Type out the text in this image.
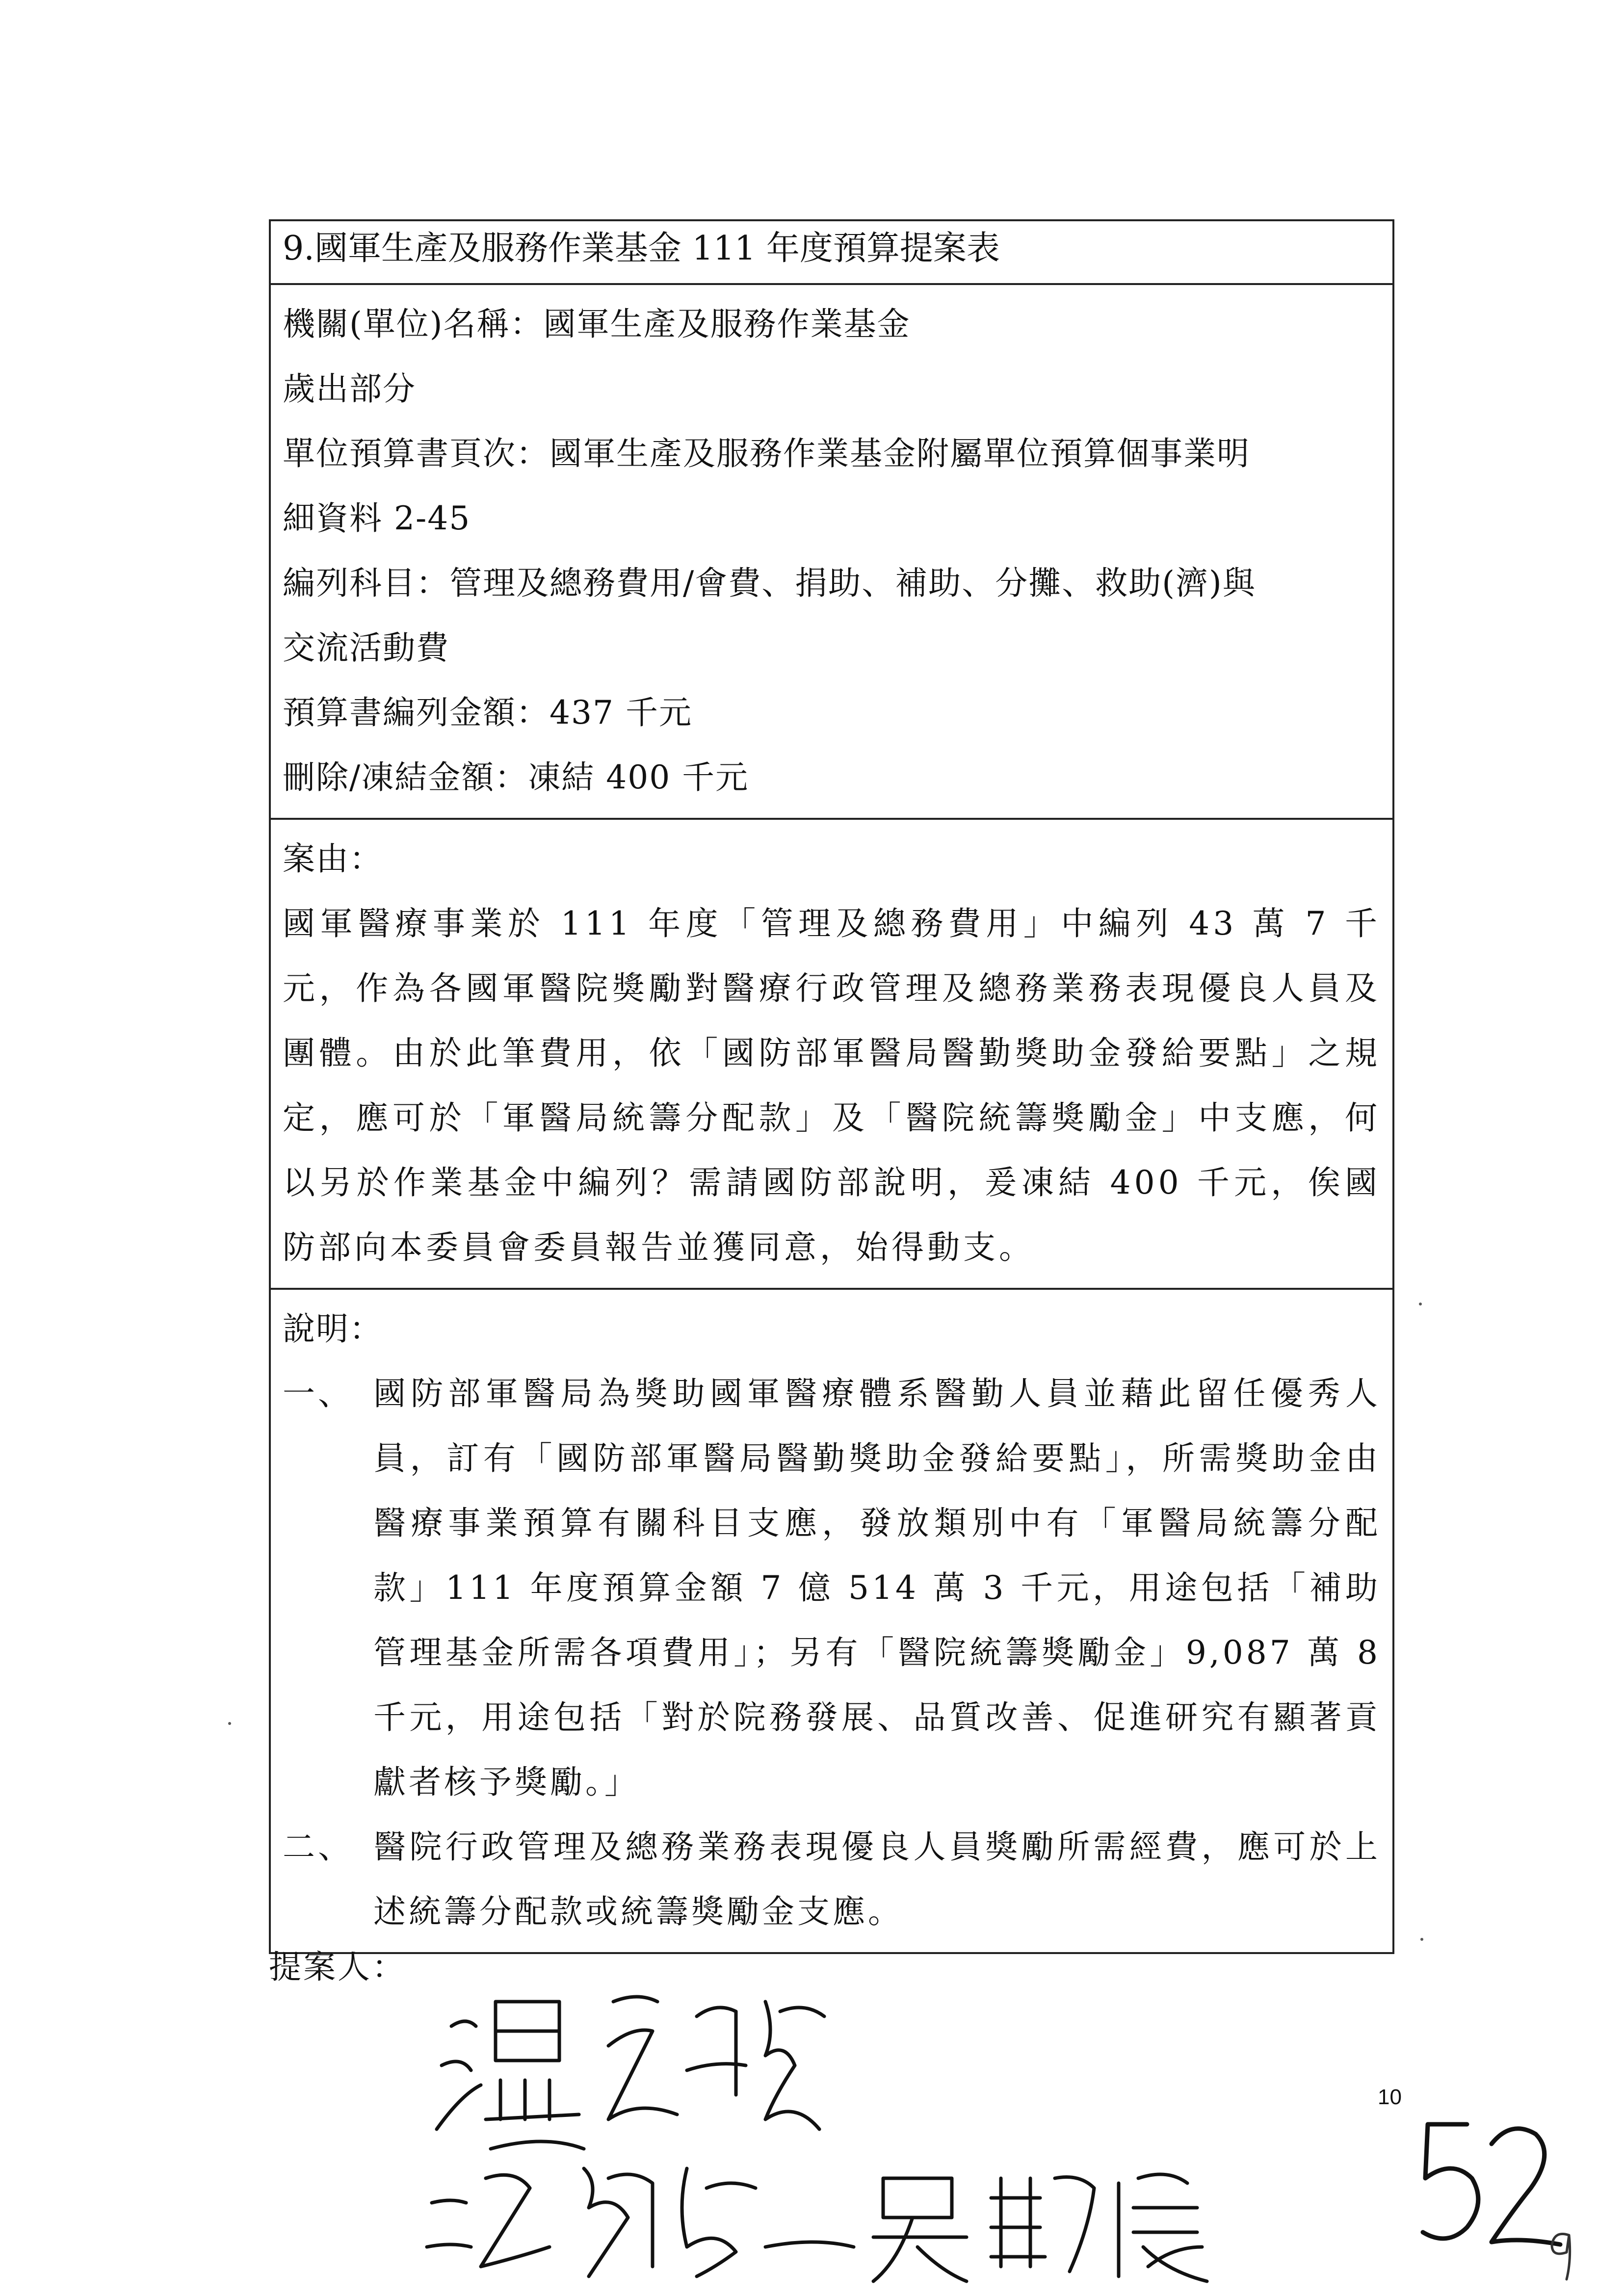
9.國軍生產及服務作業基金 111 年度預算提案表
機關(單位)名稱：國軍生產及服務作業基金
歲出部分
單位預算書頁次：國軍生產及服務作業基金附屬單位預算個事業明
細資料 2-45
編列科目：管理及總務費用/會費、捐助、補助、分攤、救助(濟)與
交流活動費
預算書編列金額：437 千元
刪除/凍結金額：凍結 400 千元
案由：

國軍醫療事業於 111 年度「管理及總務費用」中編列 43 萬 7 千元，作為各國軍醫院獎勵對醫療行政管理及總務業務表現優良人員及團體。由於此筆費用，依「國防部軍醫局醫勤獎助金發給要點」之規定，應可於「軍醫局統籌分配款」及「醫院統籌獎勵金」中支應，何以另於作業基金中編列？需請國防部說明，爰凍結 400 千元，俟國防部向本委員會委員報告並獲同意，始得動支。

說明：
一、 國防部軍醫局為獎助國軍醫療體系醫勤人員並藉此留任優秀人員，訂有「國防部軍醫局醫勤獎助金發給要點」，所需獎助金由醫療事業預算有關科目支應，發放類別中有「軍醫局統籌分配款」111 年度預算金額 7 億 514 萬 3 千元，用途包括「補助管理基金所需各項費用」；另有「醫院統籌獎勵金」9,087 萬 8 千元，用途包括「對於院務發展、品質改善、促進研究有顯著貢獻者核予獎勵。」
二、 醫院行政管理及總務業務表現優良人員獎勵所需經費，應可於上述統籌分配款或統籌獎勵金支應。
提案人：
10
